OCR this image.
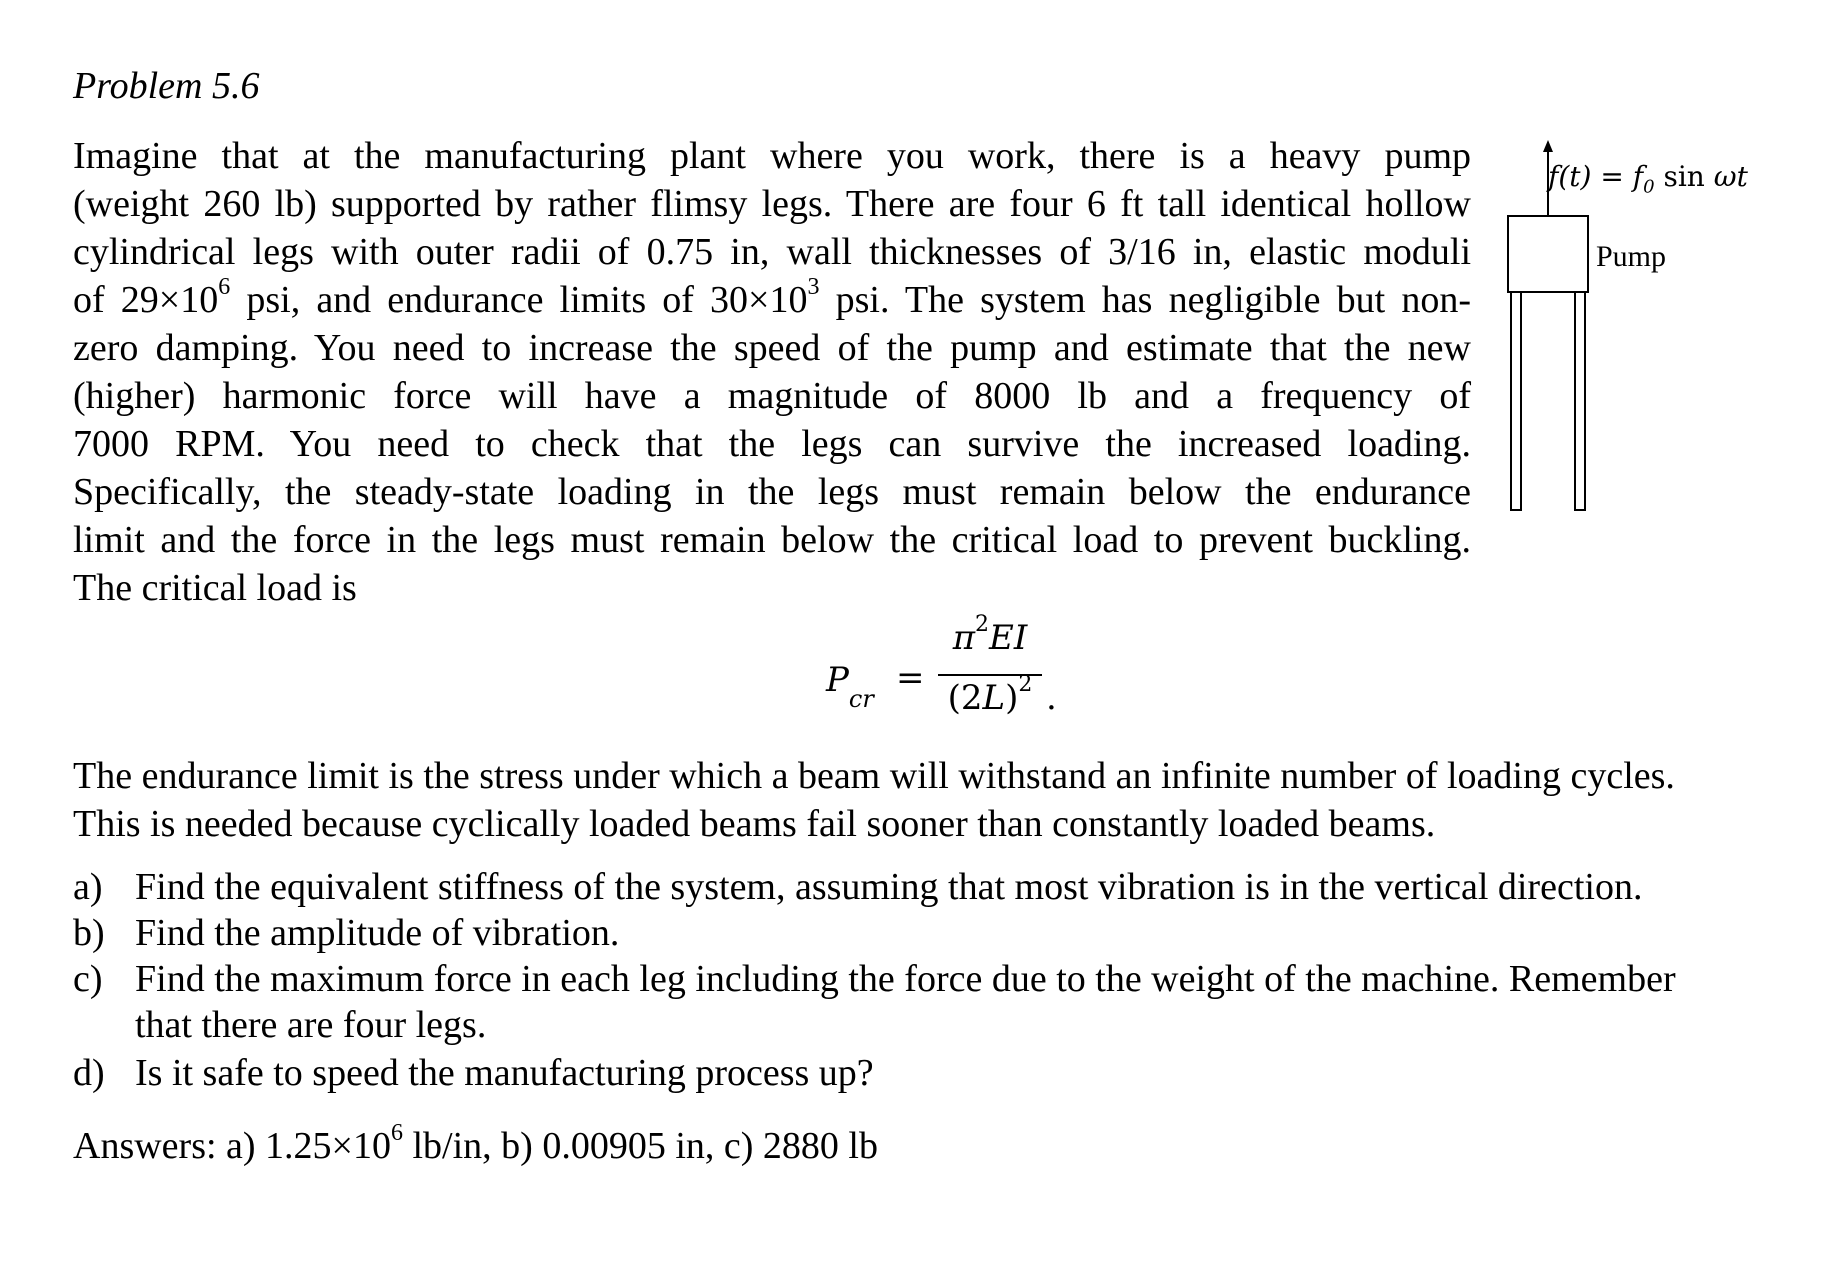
Problem 5.6
Imagine that at the manufacturing plant where you work, there is a heavy pump
(weight 260 lb) supported by rather flimsy legs. There are four 6 ft tall identical hollow
cylindrical legs with outer radii of 0.75 in, wall thicknesses of 3/16 in, elastic moduli
of $29\times 10^6$ psi, and endurance limits of $30\times 10^3$ psi. The system has negligible but non-
zero damping. You need to increase the speed of the pump and estimate that the new
(higher) harmonic force will have a magnitude of 8000 lb and a frequency of
7000 RPM. You need to check that the legs can survive the increased loading.
Specifically, the steady-state loading in the legs must remain below the endurance
limit and the force in the legs must remain below the critical load to prevent buckling.
The critical load is
$P_{cr}$
=
$\pi^2EI$
$(2L)^2$ .
The endurance limit is the stress under which a beam will withstand an infinite number of loading cycles.
This is needed because cyclically loaded beams fail sooner than constantly loaded beams.
a) Find the equivalent stiffness of the system, assuming that most vibration is in the vertical direction.
b) Find the amplitude of vibration.
c) Find the maximum force in each leg including the force due to the weight of the machine. Remember
that there are four legs.
d) Is it safe to speed the manufacturing process up?
Answers: a) $1.25\times 10^6$ lb/in, b) 0.00905 in, c) 2880 lb
$f(t) = f_0$ sin ωt
Pump
